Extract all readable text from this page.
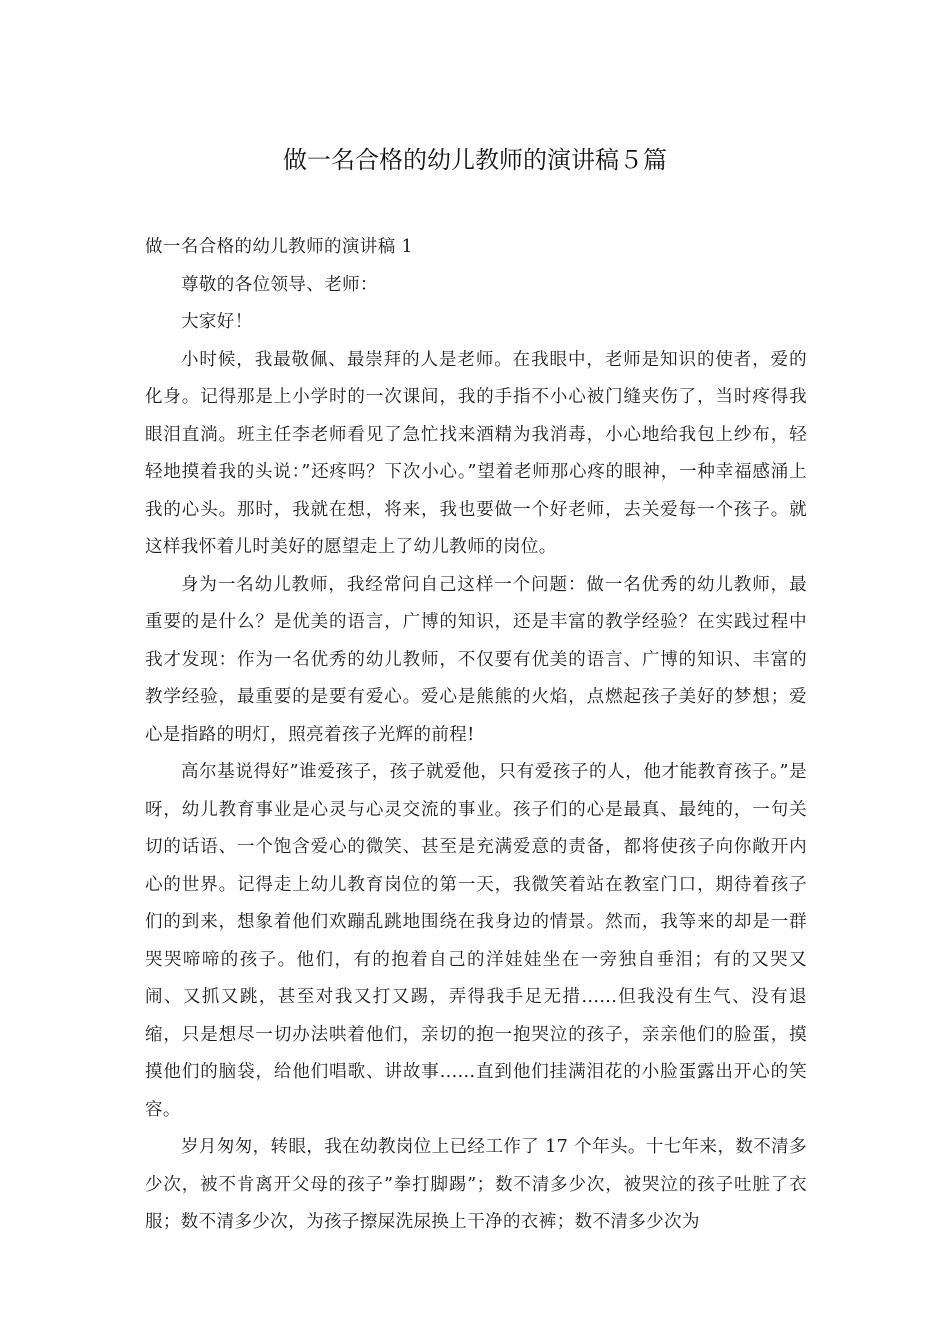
做一名合格的幼儿教师的演讲稿５篇

做一名合格的幼儿教师的演讲稿 1

尊敬的各位领导、老师：

大家好！

小时候，我最敬佩、最崇拜的人是老师。在我眼中，老师是知识的使者，爱的化身。记得那是上小学时的一次课间，我的手指不小心被门缝夹伤了，当时疼得我眼泪直淌。班主任李老师看见了急忙找来酒精为我消毒，小心地给我包上纱布，轻轻地摸着我的头说：”还疼吗？下次小心。”望着老师那心疼的眼神，一种幸福感涌上我的心头。那时，我就在想，将来，我也要做一个好老师，去关爱每一个孩子。就这样我怀着儿时美好的愿望走上了幼儿教师的岗位。

身为一名幼儿教师，我经常问自己这样一个问题：做一名优秀的幼儿教师，最重要的是什么？是优美的语言，广博的知识，还是丰富的教学经验？在实践过程中我才发现：作为一名优秀的幼儿教师，不仅要有优美的语言、广博的知识、丰富的教学经验，最重要的是要有爱心。爱心是熊熊的火焰，点燃起孩子美好的梦想；爱心是指路的明灯，照亮着孩子光辉的前程!

高尔基说得好”谁爱孩子，孩子就爱他，只有爱孩子的人，他才能教育孩子。”是呀，幼儿教育事业是心灵与心灵交流的事业。孩子们的心是最真、最纯的，一句关切的话语、一个饱含爱心的微笑、甚至是充满爱意的责备，都将使孩子向你敞开内心的世界。记得走上幼儿教育岗位的第一天，我微笑着站在教室门口，期待着孩子们的到来，想象着他们欢蹦乱跳地围绕在我身边的情景。然而，我等来的却是一群哭哭啼啼的孩子。他们，有的抱着自己的洋娃娃坐在一旁独自垂泪；有的又哭又闹、又抓又跳，甚至对我又打又踢，弄得我手足无措......但我没有生气、没有退缩，只是想尽一切办法哄着他们，亲切的抱一抱哭泣的孩子，亲亲他们的脸蛋，摸摸他们的脑袋，给他们唱歌、讲故事......直到他们挂满泪花的小脸蛋露出开心的笑容。

岁月匆匆，转眼，我在幼教岗位上已经工作了 17 个年头。十七年来，数不清多少次，被不肯离开父母的孩子”拳打脚踢”；数不清多少次，被哭泣的孩子吐脏了衣服；数不清多少次，为孩子擦屎洗尿换上干净的衣裤；数不清多少次为
